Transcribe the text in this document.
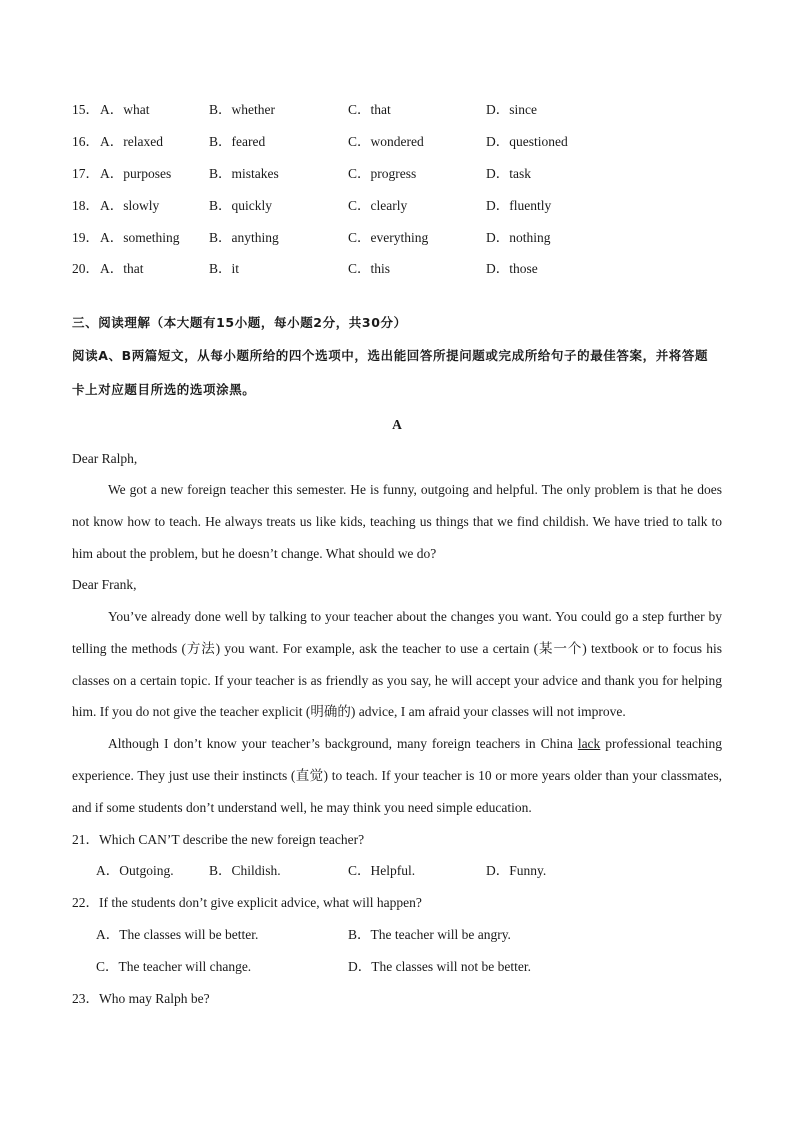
15． A．what	B．whether	C．that	D．since
16． A．relaxed	B．feared	C．wondered	D．questioned
17． A．purposes	B．mistakes	C．progress	D．task
18． A．slowly	B．quickly	C．clearly	D．fluently
19． A．something B．anything	C．everything	D．nothing
20． A．that	B．it	C．this	D．those
三、阅读理解（本大题有15小题，每小题2分，共30分）
阅读A、B两篇短文，从每小题所给的四个选项中，选出能回答所提问题或完成所给句子的最佳答案，并将答题
卡上对应题目所选的选项涂黑。
A
Dear Ralph,
We got a new foreign teacher this semester. He is funny, outgoing and helpful. The only problem is that he does not know how to teach. He always treats us like kids, teaching us things that we find childish. We have tried to talk to him about the problem, but he doesn’t change. What should we do?
Dear Frank,
You’ve already done well by talking to your teacher about the changes you want. You could go a step further by telling the methods (方法) you want. For example, ask the teacher to use a certain (某一个) textbook or to focus his classes on a certain topic. If your teacher is as friendly as you say, he will accept your advice and thank you for helping him. If you do not give the teacher explicit (明确的) advice, I am afraid your classes will not improve.
Although I don’t know your teacher’s background, many foreign teachers in China lack professional teaching experience. They just use their instincts (直觉) to teach. If your teacher is 10 or more years older than your classmates, and if some students don’t understand well, he may think you need simple education.
21．Which CAN’T describe the new foreign teacher?
A．Outgoing.	B．Childish.	C．Helpful.	D．Funny.
22．If the students don’t give explicit advice, what will happen?
A．The classes will be better.	B．The teacher will be angry.
C．The teacher will change.	D．The classes will not be better.
23．Who may Ralph be?
